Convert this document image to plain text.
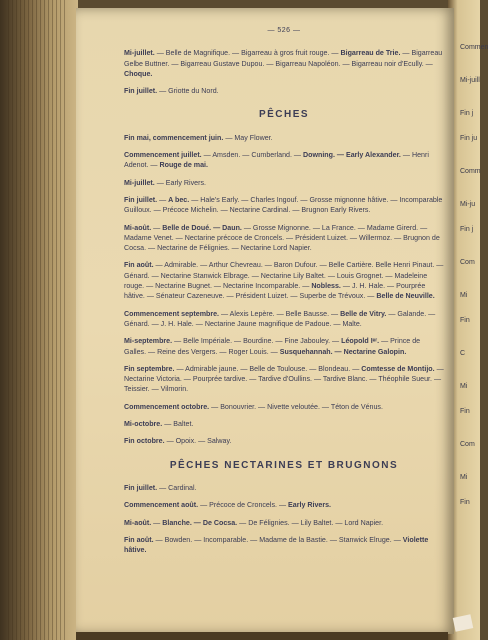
Commen
Mi-juill
Fin j
Fin ju
Comm
Mi-ju
Fin j
Com
Mi
Fin
C
Mi
Fin
Com
Mi
Fin
— 526 —
Mi-juillet. — Belle de Magnifique. — Bigarreau à gros fruit rouge. — Bigarreau de Trie. — Bigarreau Gelbe Buttner. — Bigarreau Gustave Dupou. — Bigarreau Napoléon. — Bigarreau noir d'Ecully. — Choque.
Fin juillet. — Griotte du Nord.
PÊCHES
Fin mai, commencement juin. — May Flower.
Commencement juillet. — Amsden. — Cumberland. — Downing. — Early Alexander. — Henri Adenot. — Rouge de mai.
Mi-juillet. — Early Rivers.
Fin juillet. — A bec. — Hale's Early. — Charles Ingouf. — Grosse mignonne hâtive. — Incomparable Guilloux. — Précoce Michelin. — Nectarine Cardinal. — Brugnon Early Rivers.
Mi-août. — Belle de Doué. — Daun. — Grosse Mignonne. — La France. — Madame Girerd. — Madame Venet. — Nectarine précoce de Croncels. — Président Luizet. — Willermoz. — Brugnon de Cocsa. — Nectarine de Félignies. — Nectarine Lord Napier.
Fin août. — Admirable. — Arthur Chevreau. — Baron Dufour. — Belle Cartière. Belle Henri Pinaut. — Génard. — Nectarine Stanwick Elbrage. — Nectarine Lily Baltet. — Louis Grognet. — Madeleine rouge. — Nectarine Bugnet. — Nectarine Incomparable. — Nobless. — J. H. Hale. — Pourprée hâtive. — Sénateur Cazeneuve. — Président Luizet. — Superbe de Trévoux. — Belle de Neuville.
Commencement septembre. — Alexis Lepère. — Belle Bausse. — Belle de Vitry. — Galande. — Génard. — J. H. Hale. — Nectarine Jaune magnifique de Padoue. — Malte.
Mi-septembre. — Belle Impériale. — Bourdine. — Fine Jabouley. — Léopold Iᵉʳ. — Prince de Galles. — Reine des Vergers. — Roger Louis. — Susquehannah. — Nectarine Galopin.
Fin septembre. — Admirable jaune. — Belle de Toulouse. — Blondeau. — Comtesse de Montijo. — Nectarine Victoria. — Pourprée tardive. — Tardive d'Oullins. — Tardive Blanc. — Théophile Sueur. — Teissier. — Vilmorin.
Commencement octobre. — Bonouvrier. — Nivette veloutée. — Téton de Vénus.
Mi-octobre. — Baltet.
Fin octobre. — Opoix. — Salway.
PÊCHES NECTARINES ET BRUGNONS
Fin juillet. — Cardinal.
Commencement août. — Précoce de Croncels. — Early Rivers.
Mi-août. — Blanche. — De Cocsa. — De Félignies. — Lily Baltet. — Lord Napier.
Fin août. — Bowden. — Incomparable. — Madame de la Bastie. — Stanwick Elruge. — Violette hâtive.
